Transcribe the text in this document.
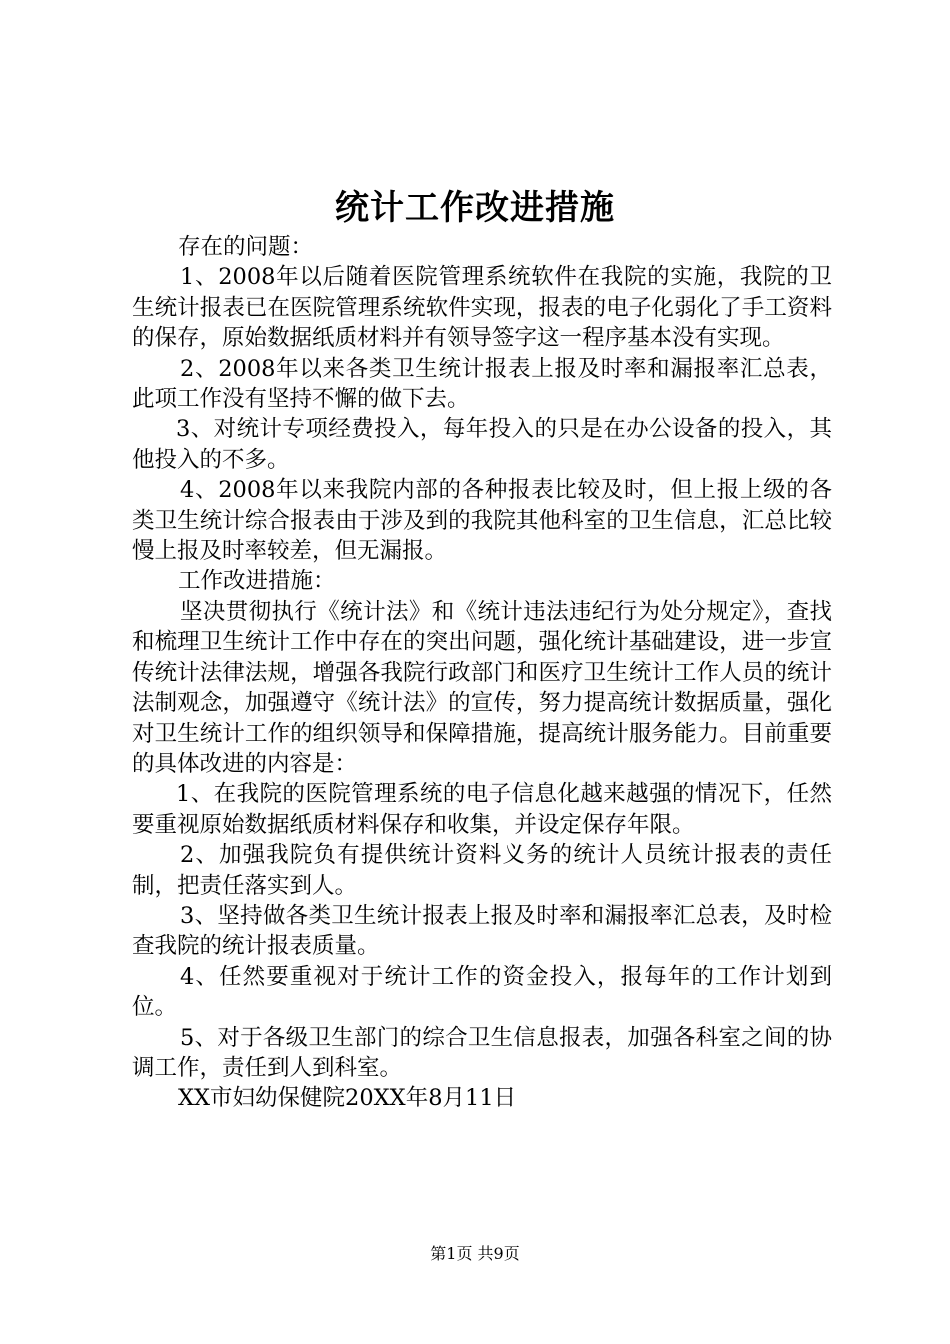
统计工作改进措施

存在的问题：

1、2008年以后随着医院管理系统软件在我院的实施，我院的卫生统计报表已在医院管理系统软件实现，报表的电子化弱化了手工资料的保存，原始数据纸质材料并有领导签字这一程序基本没有实现。

2、2008年以来各类卫生统计报表上报及时率和漏报率汇总表，此项工作没有坚持不懈的做下去。

3、对统计专项经费投入，每年投入的只是在办公设备的投入，其他投入的不多。

4、2008年以来我院内部的各种报表比较及时，但上报上级的各类卫生统计综合报表由于涉及到的我院其他科室的卫生信息，汇总比较慢上报及时率较差，但无漏报。

工作改进措施：

坚决贯彻执行《统计法》和《统计违法违纪行为处分规定》，查找和梳理卫生统计工作中存在的突出问题，强化统计基础建设，进一步宣传统计法律法规，增强各我院行政部门和医疗卫生统计工作人员的统计法制观念，加强遵守《统计法》的宣传，努力提高统计数据质量，强化对卫生统计工作的组织领导和保障措施，提高统计服务能力。目前重要的具体改进的内容是：

1、在我院的医院管理系统的电子信息化越来越强的情况下，任然要重视原始数据纸质材料保存和收集，并设定保存年限。

2、加强我院负有提供统计资料义务的统计人员统计报表的责任制，把责任落实到人。

3、坚持做各类卫生统计报表上报及时率和漏报率汇总表，及时检查我院的统计报表质量。

4、任然要重视对于统计工作的资金投入，报每年的工作计划到位。

5、对于各级卫生部门的综合卫生信息报表，加强各科室之间的协调工作，责任到人到科室。

XX市妇幼保健院20XX年8月11日

第1页 共9页
